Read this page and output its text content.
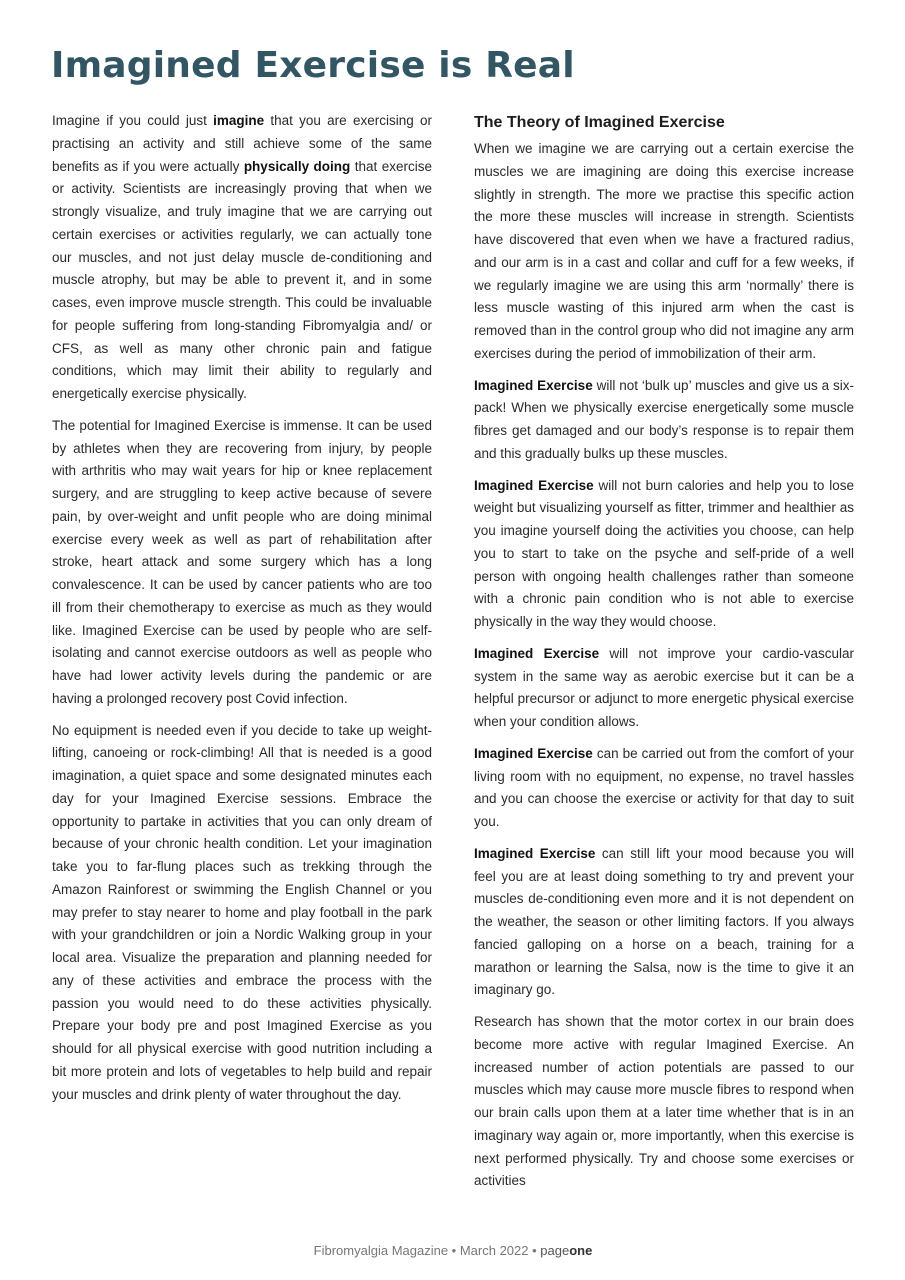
Imagined Exercise is Real

Imagine if you could just imagine that you are exercising or practising an activity and still achieve some of the same benefits as if you were actually physically doing that exercise or activity. Scientists are increasingly proving that when we strongly visualize, and truly imagine that we are carrying out certain exercises or activities regularly, we can actually tone our muscles, and not just delay muscle de-conditioning and muscle atrophy, but may be able to prevent it, and in some cases, even improve muscle strength. This could be invaluable for people suffering from long-standing Fibromyalgia and/ or CFS, as well as many other chronic pain and fatigue conditions, which may limit their ability to regularly and energetically exercise physically.

The potential for Imagined Exercise is immense. It can be used by athletes when they are recovering from injury, by people with arthritis who may wait years for hip or knee replacement surgery, and are struggling to keep active because of severe pain, by over-weight and unfit people who are doing minimal exercise every week as well as part of rehabilitation after stroke, heart attack and some surgery which has a long convalescence. It can be used by cancer patients who are too ill from their chemotherapy to exercise as much as they would like. Imagined Exercise can be used by people who are self-isolating and cannot exercise outdoors as well as people who have had lower activity levels during the pandemic or are having a prolonged recovery post Covid infection.

No equipment is needed even if you decide to take up weight-lifting, canoeing or rock-climbing! All that is needed is a good imagination, a quiet space and some designated minutes each day for your Imagined Exercise sessions. Embrace the opportunity to partake in activities that you can only dream of because of your chronic health condition. Let your imagination take you to far-flung places such as trekking through the Amazon Rainforest or swimming the English Channel or you may prefer to stay nearer to home and play football in the park with your grandchildren or join a Nordic Walking group in your local area. Visualize the preparation and planning needed for any of these activities and embrace the process with the passion you would need to do these activities physically. Prepare your body pre and post Imagined Exercise as you should for all physical exercise with good nutrition including a bit more protein and lots of vegetables to help build and repair your muscles and drink plenty of water throughout the day.

The Theory of Imagined Exercise

When we imagine we are carrying out a certain exercise the muscles we are imagining are doing this exercise increase slightly in strength. The more we practise this specific action the more these muscles will increase in strength. Scientists have discovered that even when we have a fractured radius, and our arm is in a cast and collar and cuff for a few weeks, if we regularly imagine we are using this arm ‘normally’ there is less muscle wasting of this injured arm when the cast is removed than in the control group who did not imagine any arm exercises during the period of immobilization of their arm.

Imagined Exercise will not ‘bulk up’ muscles and give us a six-pack! When we physically exercise energetically some muscle fibres get damaged and our body’s response is to repair them and this gradually bulks up these muscles.

Imagined Exercise will not burn calories and help you to lose weight but visualizing yourself as fitter, trimmer and healthier as you imagine yourself doing the activities you choose, can help you to start to take on the psyche and self-pride of a well person with ongoing health challenges rather than someone with a chronic pain condition who is not able to exercise physically in the way they would choose.

Imagined Exercise will not improve your cardio-vascular system in the same way as aerobic exercise but it can be a helpful precursor or adjunct to more energetic physical exercise when your condition allows.

Imagined Exercise can be carried out from the comfort of your living room with no equipment, no expense, no travel hassles and you can choose the exercise or activity for that day to suit you.

Imagined Exercise can still lift your mood because you will feel you are at least doing something to try and prevent your muscles de-conditioning even more and it is not dependent on the weather, the season or other limiting factors. If you always fancied galloping on a horse on a beach, training for a marathon or learning the Salsa, now is the time to give it an imaginary go.

Research has shown that the motor cortex in our brain does become more active with regular Imagined Exercise. An increased number of action potentials are passed to our muscles which may cause more muscle fibres to respond when our brain calls upon them at a later time whether that is in an imaginary way again or, more importantly, when this exercise is next performed physically. Try and choose some exercises or activities

Fibromyalgia Magazine • March 2022 • pageone
